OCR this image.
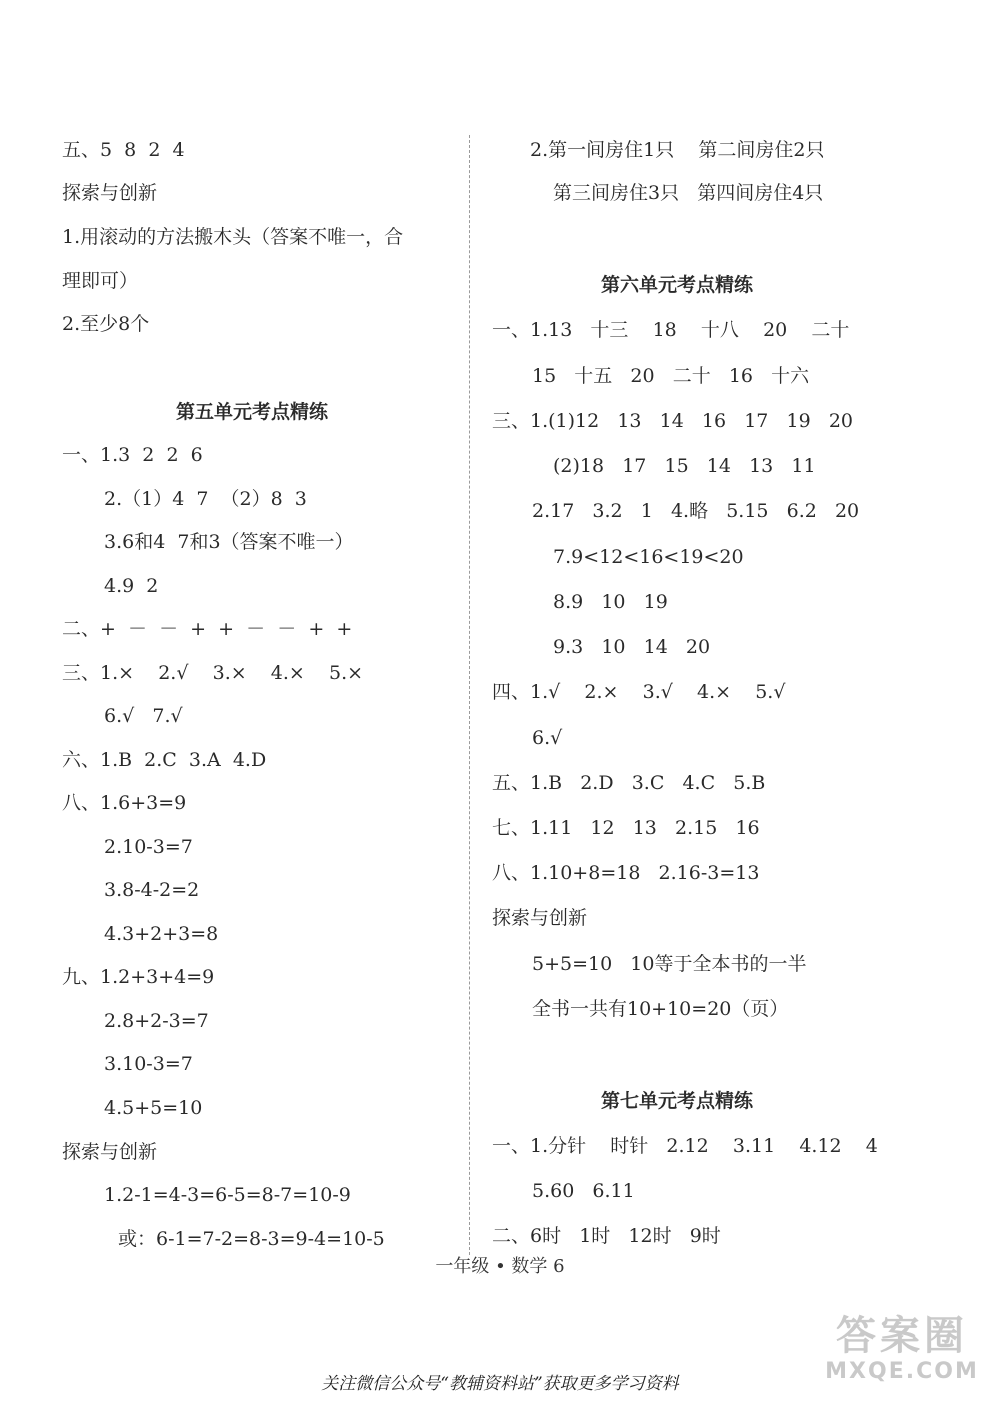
五、5  8  2  4
探索与创新
1.用滚动的方法搬木头（答案不唯一，合
理即可）
2.至少8个
第五单元考点精练
一、1.3  2  2  6
2.（1）4  7  （2）8  3
3.6和4  7和3（答案不唯一）
4.9  2
二、+  －  －  +  +  －  －  +  +
三、1.×    2.√    3.×    4.×    5.×
6.√   7.√
六、1.B  2.C  3.A  4.D
八、1.6+3=9
2.10-3=7
3.8-4-2=2
4.3+2+3=8
九、1.2+3+4=9
2.8+2-3=7
3.10-3=7
4.5+5=10
探索与创新
1.2-1=4-3=6-5=8-7=10-9
或：6-1=7-2=8-3=9-4=10-5
2.第一间房住1只    第二间房住2只
第三间房住3只   第四间房住4只
第六单元考点精练
一、1.13   十三    18    十八    20    二十
15   十五   20   二十   16   十六
三、1.(1)12   13   14   16   17   19   20
(2)18   17   15   14   13   11
2.17   3.2   1   4.略   5.15   6.2   20
7.9<12<16<19<20
8.9   10   19
9.3   10   14   20
四、1.√    2.×    3.√    4.×    5.√
6.√
五、1.B   2.D   3.C   4.C   5.B
七、1.11   12   13   2.15   16
八、1.10+8=18   2.16-3=13
探索与创新
5+5=10   10等于全本书的一半
全书一共有10+10=20（页）
第七单元考点精练
一、1.分针    时针   2.12    3.11    4.12    4
5.60   6.11
二、6时   1时   12时   9时
一年级 • 数学 6
关注微信公众号“教辅资料站”获取更多学习资料
答案圈
MXQE.COM
